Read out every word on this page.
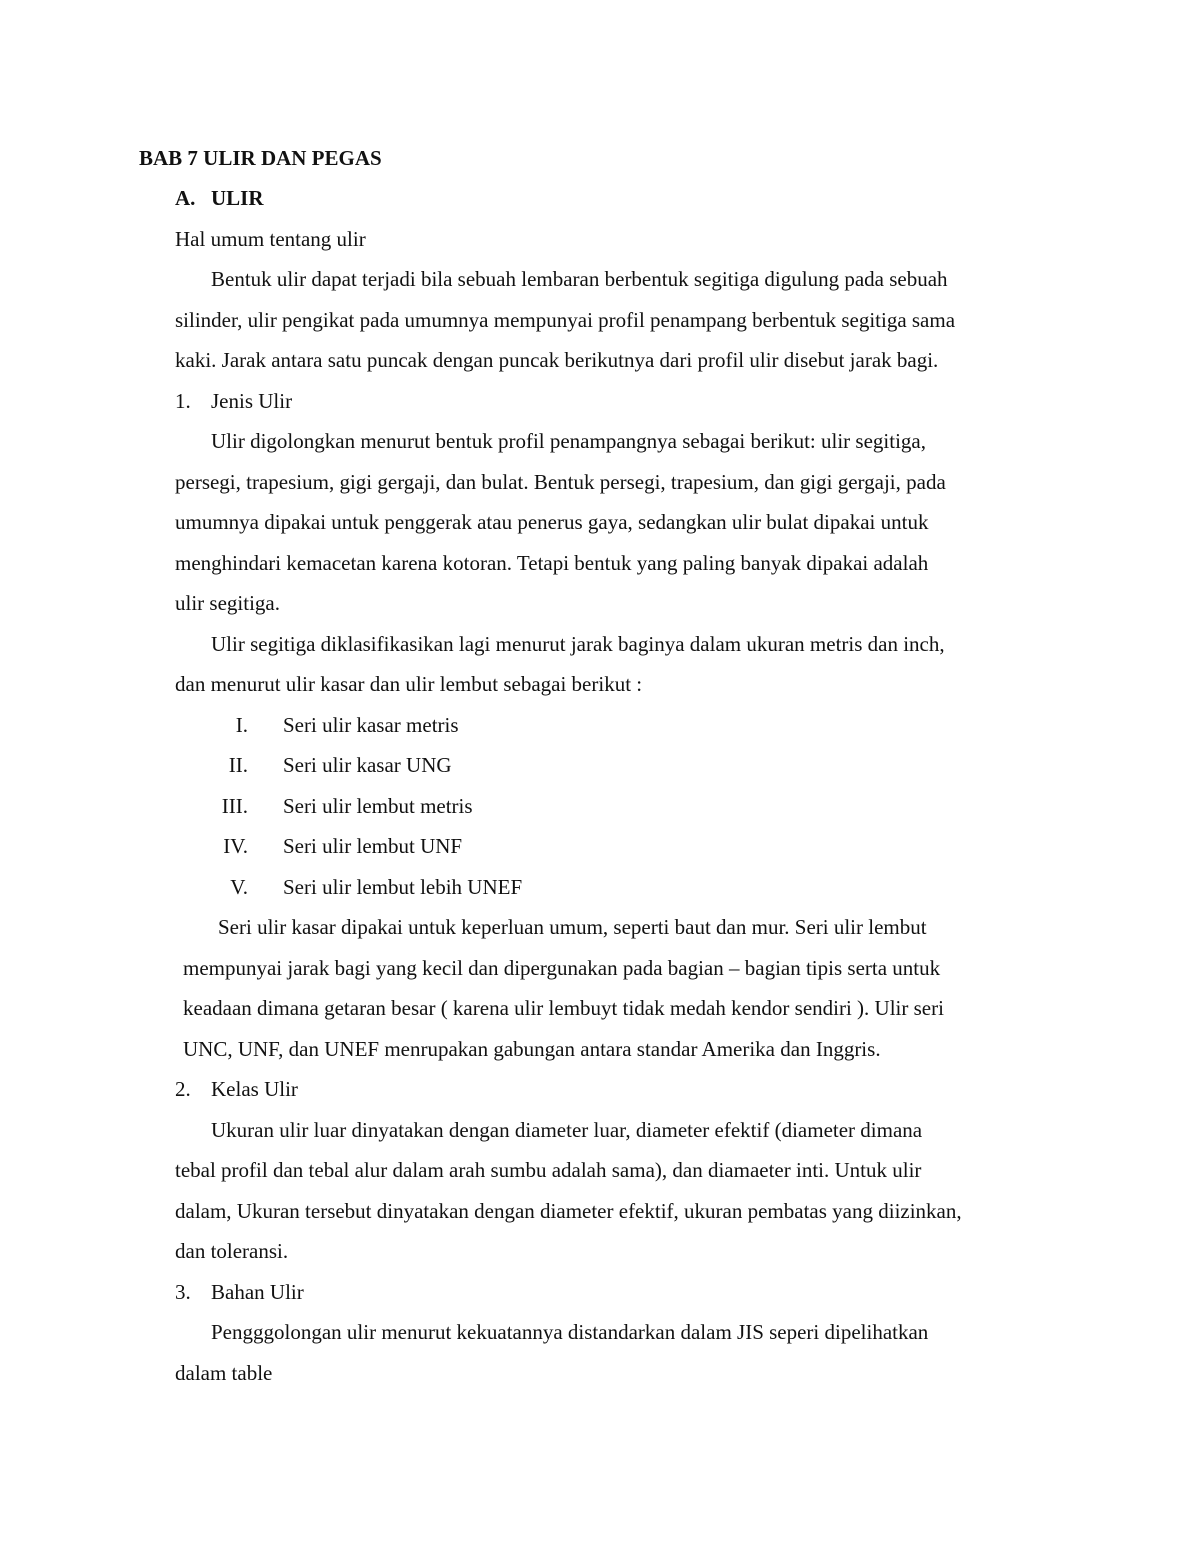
BAB 7 ULIR DAN PEGAS
A. ULIR
Hal umum tentang ulir
Bentuk ulir dapat terjadi bila sebuah lembaran berbentuk segitiga digulung pada sebuah
silinder, ulir pengikat pada umumnya mempunyai profil penampang berbentuk segitiga sama
kaki. Jarak antara satu puncak dengan puncak berikutnya dari profil ulir disebut jarak bagi.
1. Jenis Ulir
Ulir digolongkan menurut bentuk profil penampangnya sebagai berikut: ulir segitiga,
persegi, trapesium, gigi gergaji, dan bulat. Bentuk persegi, trapesium, dan gigi gergaji, pada
umumnya dipakai untuk penggerak atau penerus gaya, sedangkan ulir bulat dipakai untuk
menghindari kemacetan karena kotoran. Tetapi bentuk yang paling banyak dipakai adalah
ulir segitiga.
Ulir segitiga diklasifikasikan lagi menurut jarak baginya dalam ukuran metris dan inch,
dan menurut ulir kasar dan ulir lembut sebagai berikut :
I. Seri ulir kasar metris
II. Seri ulir kasar UNG
III. Seri ulir lembut metris
IV. Seri ulir lembut UNF
V. Seri ulir lembut lebih UNEF
Seri ulir kasar dipakai untuk keperluan umum, seperti baut dan mur. Seri ulir lembut
mempunyai jarak bagi yang kecil dan dipergunakan pada bagian – bagian tipis serta untuk
keadaan dimana getaran besar ( karena ulir lembuyt tidak medah kendor sendiri ). Ulir seri
UNC, UNF, dan UNEF menrupakan gabungan antara standar Amerika dan Inggris.
2. Kelas Ulir
Ukuran ulir luar dinyatakan dengan diameter luar, diameter efektif (diameter dimana
tebal profil dan tebal alur dalam arah sumbu adalah sama), dan diamaeter inti. Untuk ulir
dalam, Ukuran tersebut dinyatakan dengan diameter efektif, ukuran pembatas yang diizinkan,
dan toleransi.
3. Bahan Ulir
Pengggolongan ulir menurut kekuatannya distandarkan dalam JIS seperi dipelihatkan
dalam table
